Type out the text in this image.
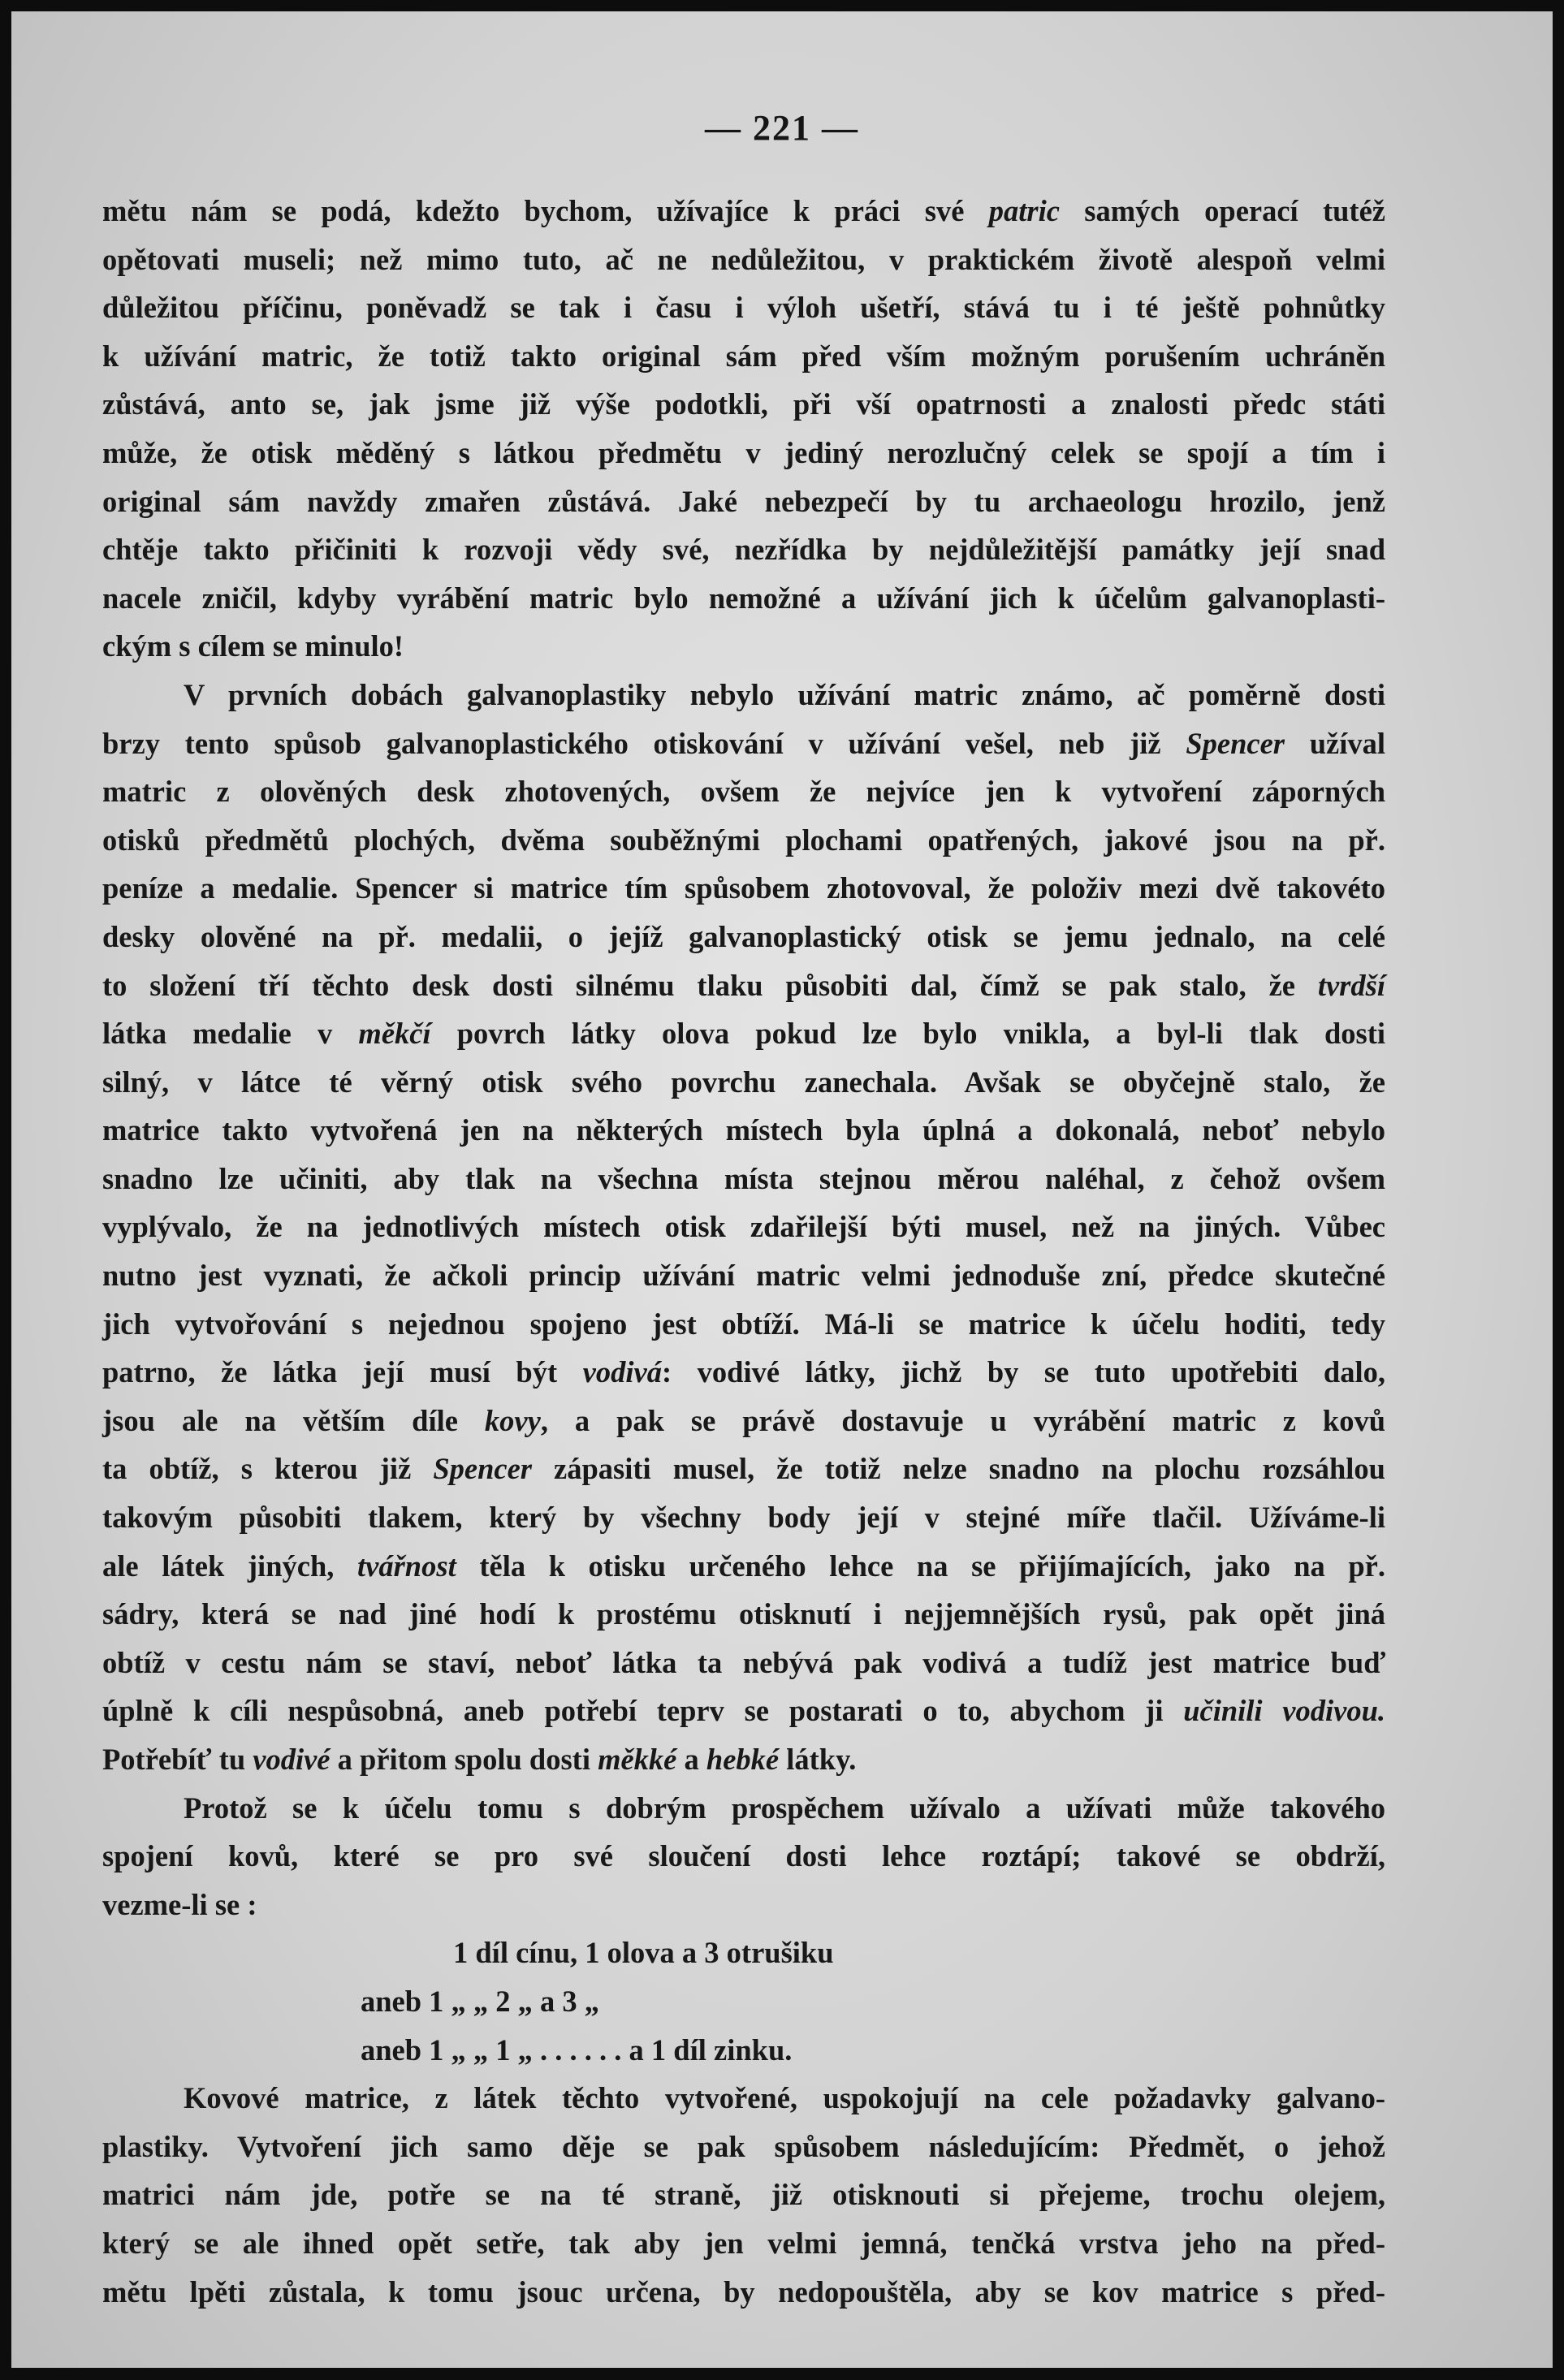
— 221 —
mětu nám se podá, kdežto bychom, užívajíce k práci své patric samých operací tutéž
opětovati museli; než mimo tuto, ač ne nedůležitou, v praktickém životě alespoň velmi
důležitou příčinu, poněvadž se tak i času i výloh ušetří, stává tu i té ještě pohnůtky
k užívání matric, že totiž takto original sám před vším možným porušením uchráněn
zůstává, anto se, jak jsme již výše podotkli, při vší opatrnosti a znalosti předc státi
může, že otisk měděný s látkou předmětu v jediný nerozlučný celek se spojí a tím i
original sám navždy zmařen zůstává. Jaké nebezpečí by tu archaeologu hrozilo, jenž
chtěje takto přičiniti k rozvoji vědy své, nezřídka by nejdůležitější památky její snad
nacele zničil, kdyby vyrábění matric bylo nemožné a užívání jich k účelům galvanoplasti-
ckým s cílem se minulo!
V prvních dobách galvanoplastiky nebylo užívání matric známo, ač poměrně dosti
brzy tento spůsob galvanoplastického otiskování v užívání vešel, neb již Spencer užíval
matric z olověných desk zhotovených, ovšem že nejvíce jen k vytvoření záporných
otisků předmětů plochých, dvěma souběžnými plochami opatřených, jakové jsou na př.
peníze a medalie. Spencer si matrice tím spůsobem zhotovoval, že položiv mezi dvě takovéto
desky olověné na př. medalii, o jejíž galvanoplastický otisk se jemu jednalo, na celé
to složení tří těchto desk dosti silnému tlaku působiti dal, čímž se pak stalo, že tvrdší
látka medalie v měkčí povrch látky olova pokud lze bylo vnikla, a byl-li tlak dosti
silný, v látce té věrný otisk svého povrchu zanechala. Avšak se obyčejně stalo, že
matrice takto vytvořená jen na některých místech byla úplná a dokonalá, neboť nebylo
snadno lze učiniti, aby tlak na všechna místa stejnou měrou naléhal, z čehož ovšem
vyplývalo, že na jednotlivých místech otisk zdařilejší býti musel, než na jiných. Vůbec
nutno jest vyznati, že ačkoli princip užívání matric velmi jednoduše zní, předce skutečné
jich vytvořování s nejednou spojeno jest obtíží. Má-li se matrice k účelu hoditi, tedy
patrno, že látka její musí být vodivá: vodivé látky, jichž by se tuto upotřebiti dalo,
jsou ale na větším díle kovy, a pak se právě dostavuje u vyrábění matric z kovů
ta obtíž, s kterou již Spencer zápasiti musel, že totiž nelze snadno na plochu rozsáhlou
takovým působiti tlakem, který by všechny body její v stejné míře tlačil. Užíváme-li
ale látek jiných, tvářnost těla k otisku určeného lehce na se přijímajících, jako na př.
sádry, která se nad jiné hodí k prostému otisknutí i nejjemnějších rysů, pak opět jiná
obtíž v cestu nám se staví, neboť látka ta nebývá pak vodivá a tudíž jest matrice buď
úplně k cíli nespůsobná, aneb potřebí teprv se postarati o to, abychom ji učinili vodivou.
Potřebíť tu vodivé a přitom spolu dosti měkké a hebké látky.
Protož se k účelu tomu s dobrým prospěchem užívalo a užívati může takového
spojení kovů, které se pro své sloučení dosti lehce roztápí; takové se obdrží,
vezme-li se :
1 díl cínu, 1 olova a 3 otrušiku
aneb 1 „ „ 2 „ a 3 „
aneb 1 „ „ 1 „ . . . . . . a 1 díl zinku.
Kovové matrice, z látek těchto vytvořené, uspokojují na cele požadavky galvano-
plastiky. Vytvoření jich samo děje se pak spůsobem následujícím: Předmět, o jehož
matrici nám jde, potře se na té straně, již otisknouti si přejeme, trochu olejem,
který se ale ihned opět setře, tak aby jen velmi jemná, tenčká vrstva jeho na před-
mětu lpěti zůstala, k tomu jsouc určena, by nedopouštěla, aby se kov matrice s před-
